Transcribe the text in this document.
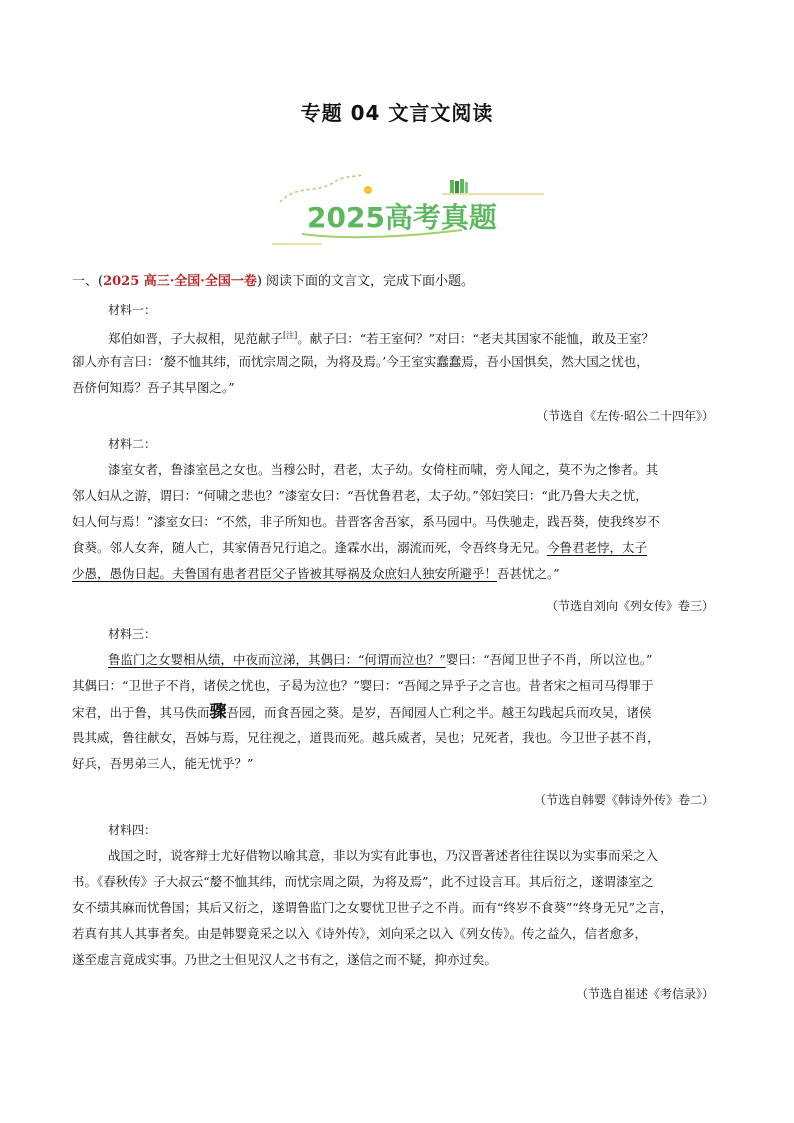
专题 04 文言文阅读
2025高考真题
一、(2025 高三·全国·全国一卷) 阅读下面的文言文，完成下面小题。
材料一：
郑伯如晋，子大叔相，见范献子[注]。献子曰：“若王室何？”对曰：“老夫其国家不能恤，敢及王室？
卻人亦有言曰：‘嫠不恤其纬，而忧宗周之陨，为将及焉。’今王室实蠢蠢焉，吾小国惧矣，然大国之忧也，
吾侪何知焉？吾子其早图之。”
（节选自《左传·昭公二十四年》）
材料二：
漆室女者，鲁漆室邑之女也。当穆公时，君老，太子幼。女倚柱而啸，旁人闻之，莫不为之惨者。其
邻人妇从之游，谓曰：“何啸之悲也？”漆室女曰：“吾忧鲁君老，太子幼。”邻妇笑曰：“此乃鲁大夫之忧，
妇人何与焉！”漆室女曰：“不然，非子所知也。昔晋客舍吾家，系马园中。马佚驰走，践吾葵，使我终岁不
食葵。邻人女奔，随人亡，其家倩吾兄行追之。逢霖水出，溺流而死，令吾终身无兄。今鲁君老悖，太子
少愚，愚伪日起。夫鲁国有患者君臣父子皆被其辱祸及众庶妇人独安所避乎！吾甚忧之。”
（节选自刘向《列女传》卷三）
材料三：
鲁监门之女婴相从绩，中夜而泣涕，其偶曰：“何谓而泣也？”婴曰：“吾闻卫世子不肖，所以泣也。”
其偶曰：“卫世子不肖，诸侯之忧也，子曷为泣也？”婴曰：“吾闻之异乎子之言也。昔者宋之桓司马得罪于
宋君，出于鲁，其马佚而骤吾园，而食吾园之葵。是岁，吾闻园人亡利之半。越王勾践起兵而攻吴，诸侯
畏其威，鲁往献女，吾姊与焉，兄往视之，道畏而死。越兵威者，吴也；兄死者，我也。今卫世子甚不肖，
好兵，吾男弟三人，能无忧乎？”
（节选自韩婴《韩诗外传》卷二）
材料四：
战国之时，说客辩士尤好借物以喻其意，非以为实有此事也，乃汉晋著述者往往误以为实事而采之入
书。《春秋传》子大叔云“嫠不恤其纬，而忧宗周之陨，为将及焉”，此不过设言耳。其后衍之，遂谓漆室之
女不绩其麻而忧鲁国；其后又衍之，遂谓鲁监门之女婴忧卫世子之不肖。而有“终岁不食葵”“终身无兄”之言，
若真有其人其事者矣。由是韩婴竟采之以入《诗外传》，刘向采之以入《列女传》。传之益久，信者愈多，
遂至虚言竟成实事。乃世之士但见汉人之书有之，遂信之而不疑，抑亦过矣。
（节选自崔述《考信录》）
